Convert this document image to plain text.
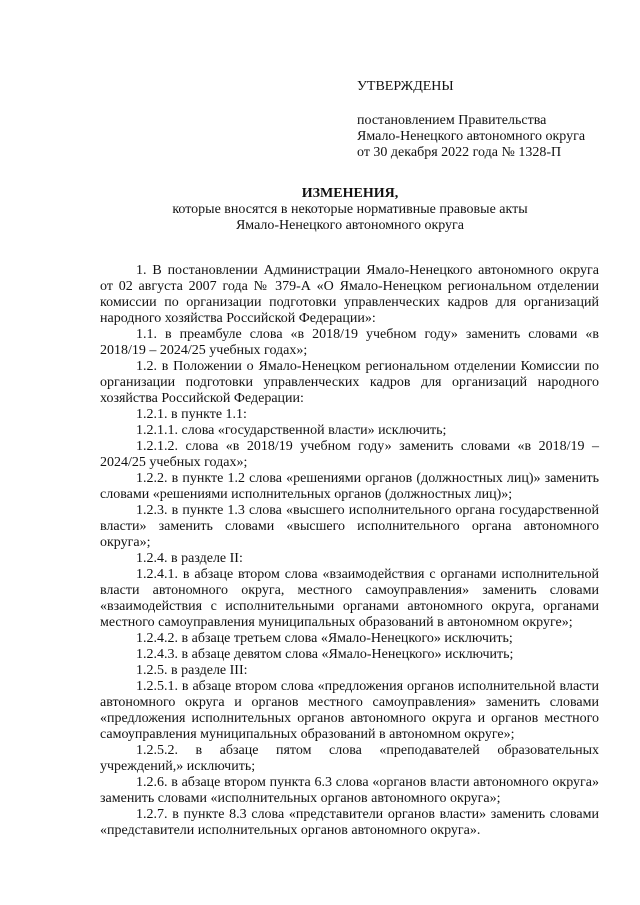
УТВЕРЖДЕНЫ
постановлением Правительства
Ямало-Ненецкого автономного округа
от 30 декабря 2022 года № 1328-П
ИЗМЕНЕНИЯ,
которые вносятся в некоторые нормативные правовые акты
Ямало-Ненецкого автономного округа

1. В постановлении Администрации Ямало-Ненецкого автономного округа от 02 августа 2007 года № 379-А «О Ямало-Ненецком региональном отделении комиссии по организации подготовки управленческих кадров для организаций народного хозяйства Российской Федерации»:

1.1. в преамбуле слова «в 2018/19 учебном году» заменить словами «в 2018/19 – 2024/25 учебных годах»;

1.2. в Положении о Ямало-Ненецком региональном отделении Комиссии по организации подготовки управленческих кадров для организаций народного хозяйства Российской Федерации:

1.2.1. в пункте 1.1:

1.2.1.1. слова «государственной власти» исключить;

1.2.1.2. слова «в 2018/19 учебном году» заменить словами «в 2018/19 – 2024/25 учебных годах»;

1.2.2. в пункте 1.2 слова «решениями органов (должностных лиц)» заменить словами «решениями исполнительных органов (должностных лиц)»;

1.2.3. в пункте 1.3 слова «высшего исполнительного органа государственной власти» заменить словами «высшего исполнительного органа автономного округа»;

1.2.4. в разделе II:

1.2.4.1. в абзаце втором слова «взаимодействия с органами исполнительной власти автономного округа, местного самоуправления» заменить словами «взаимодействия с исполнительными органами автономного округа, органами местного самоуправления муниципальных образований в автономном округе»;

1.2.4.2. в абзаце третьем слова «Ямало-Ненецкого» исключить;

1.2.4.3. в абзаце девятом слова «Ямало-Ненецкого» исключить;

1.2.5. в разделе III:

1.2.5.1. в абзаце втором слова «предложения органов исполнительной власти автономного округа и органов местного самоуправления» заменить словами «предложения исполнительных органов автономного округа и органов местного самоуправления муниципальных образований в автономном округе»;

1.2.5.2. в абзаце пятом слова «преподавателей образовательных учреждений,» исключить;

1.2.6. в абзаце втором пункта 6.3 слова «органов власти автономного округа» заменить словами «исполнительных органов автономного округа»;

1.2.7. в пункте 8.3 слова «представители органов власти» заменить словами «представители исполнительных органов автономного округа».
